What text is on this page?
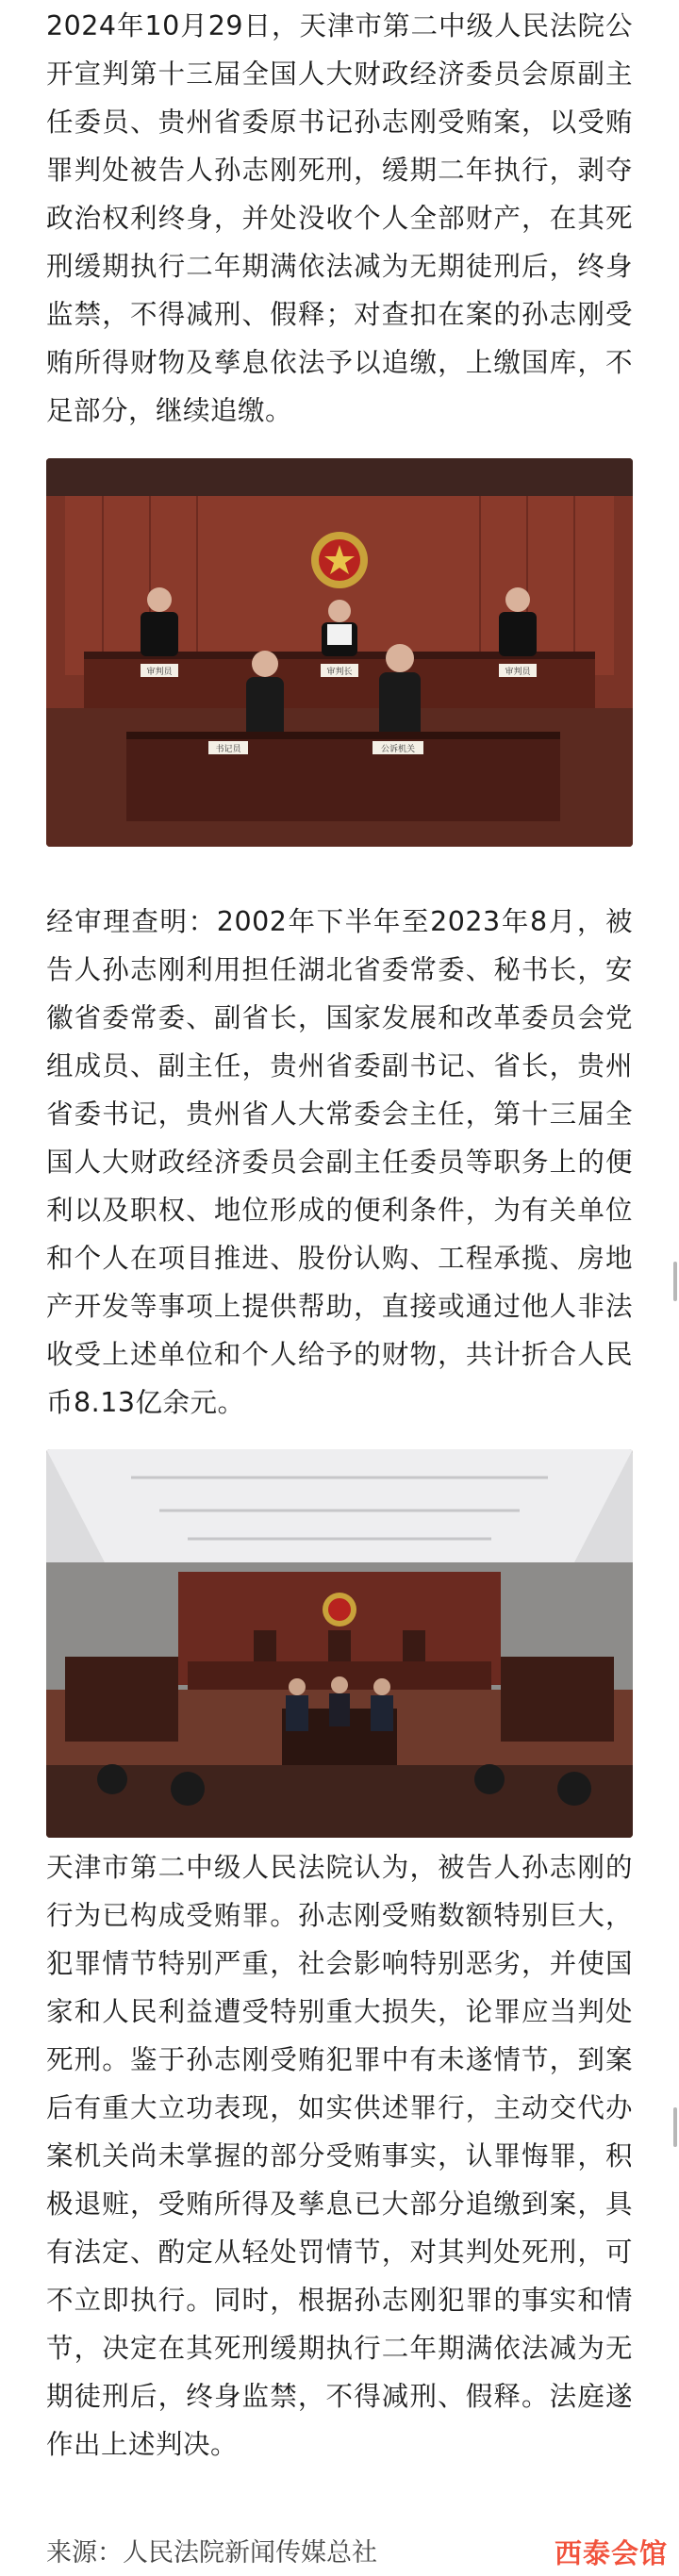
2024年10月29日，天津市第二中级人民法院公开宣判第十三届全国人大财政经济委员会原副主任委员、贵州省委原书记孙志刚受贿案，以受贿罪判处被告人孙志刚死刑，缓期二年执行，剥夺政治权利终身，并处没收个人全部财产，在其死刑缓期执行二年期满依法减为无期徒刑后，终身监禁，不得减刑、假释；对查扣在案的孙志刚受贿所得财物及孳息依法予以追缴，上缴国库，不足部分，继续追缴。

审判员	审判长	审判员
书记员	公诉机关

经审理查明：2002年下半年至2023年8月，被告人孙志刚利用担任湖北省委常委、秘书长，安徽省委常委、副省长，国家发展和改革委员会党组成员、副主任，贵州省委副书记、省长，贵州省委书记，贵州省人大常委会主任，第十三届全国人大财政经济委员会副主任委员等职务上的便利以及职权、地位形成的便利条件，为有关单位和个人在项目推进、股份认购、工程承揽、房地产开发等事项上提供帮助，直接或通过他人非法收受上述单位和个人给予的财物，共计折合人民币8.13亿余元。

天津市第二中级人民法院认为，被告人孙志刚的行为已构成受贿罪。孙志刚受贿数额特别巨大，犯罪情节特别严重，社会影响特别恶劣，并使国家和人民利益遭受特别重大损失，论罪应当判处死刑。鉴于孙志刚受贿犯罪中有未遂情节，到案后有重大立功表现，如实供述罪行，主动交代办案机关尚未掌握的部分受贿事实，认罪悔罪，积极退赃，受贿所得及孳息已大部分追缴到案，具有法定、酌定从轻处罚情节，对其判处死刑，可不立即执行。同时，根据孙志刚犯罪的事实和情节，决定在其死刑缓期执行二年期满依法减为无期徒刑后，终身监禁，不得减刑、假释。法庭遂作出上述判决。

来源：人民法院新闻传媒总社	西泰会馆
